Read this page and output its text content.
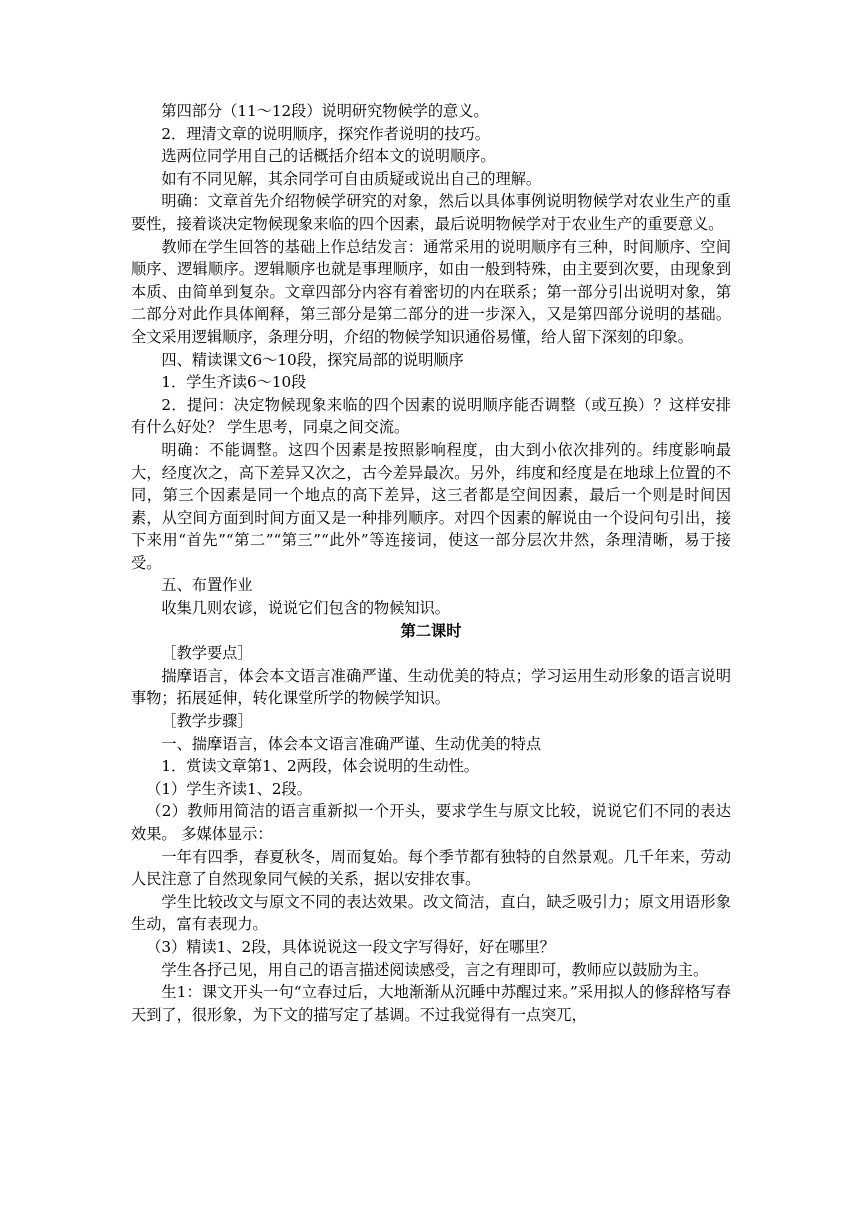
第四部分（11～12段）说明研究物候学的意义。

2．理清文章的说明顺序，探究作者说明的技巧。

选两位同学用自己的话概括介绍本文的说明顺序。

如有不同见解，其余同学可自由质疑或说出自己的理解。

明确：文章首先介绍物候学研究的对象，然后以具体事例说明物候学对农业生产的重要性，接着谈决定物候现象来临的四个因素，最后说明物候学对于农业生产的重要意义。

教师在学生回答的基础上作总结发言：通常采用的说明顺序有三种，时间顺序、空间顺序、逻辑顺序。逻辑顺序也就是事理顺序，如由一般到特殊，由主要到次要，由现象到本质、由简单到复杂。文章四部分内容有着密切的内在联系；第一部分引出说明对象，第二部分对此作具体阐释，第三部分是第二部分的进一步深入，又是第四部分说明的基础。全文采用逻辑顺序，条理分明，介绍的物候学知识通俗易懂，给人留下深刻的印象。

四、精读课文6～10段，探究局部的说明顺序

1．学生齐读6～10段

2．提问：决定物候现象来临的四个因素的说明顺序能否调整（或互换）？这样安排有什么好处？ 学生思考，同桌之间交流。

明确：不能调整。这四个因素是按照影响程度，由大到小依次排列的。纬度影响最大，经度次之，高下差异又次之，古今差异最次。另外，纬度和经度是在地球上位置的不同，第三个因素是同一个地点的高下差异，这三者都是空间因素，最后一个则是时间因素，从空间方面到时间方面又是一种排列顺序。对四个因素的解说由一个设问句引出，接下来用“首先”“第二”“第三”“此外”等连接词，使这一部分层次井然，条理清晰，易于接受。

五、布置作业

收集几则农谚，说说它们包含的物候知识。

第二课时

［教学要点］

揣摩语言，体会本文语言准确严谨、生动优美的特点；学习运用生动形象的语言说明事物；拓展延伸，转化课堂所学的物候学知识。

［教学步骤］

一、揣摩语言，体会本文语言准确严谨、生动优美的特点

1．赏读文章第1、2两段，体会说明的生动性。

（1）学生齐读1、2段。

（2）教师用简洁的语言重新拟一个开头，要求学生与原文比较，说说它们不同的表达效果。 多媒体显示：

一年有四季，春夏秋冬，周而复始。每个季节都有独特的自然景观。几千年来，劳动人民注意了自然现象同气候的关系，据以安排农事。

学生比较改文与原文不同的表达效果。改文简洁，直白，缺乏吸引力；原文用语形象生动，富有表现力。

（3）精读1、2段，具体说说这一段文字写得好，好在哪里？

学生各抒己见，用自己的语言描述阅读感受，言之有理即可，教师应以鼓励为主。

生1：课文开头一句“立春过后，大地渐渐从沉睡中苏醒过来。”采用拟人的修辞格写春天到了，很形象，为下文的描写定了基调。不过我觉得有一点突兀，
